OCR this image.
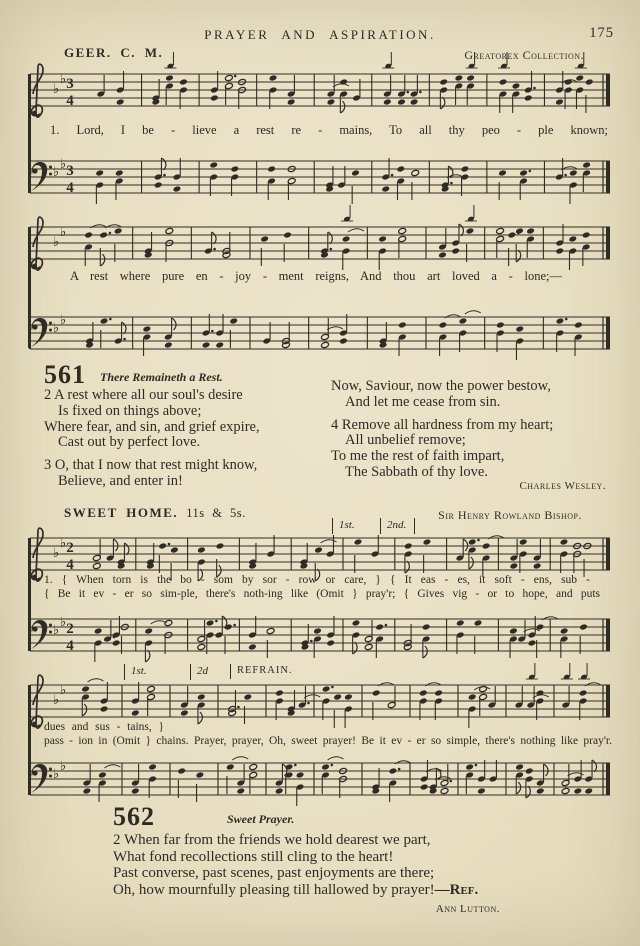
PRAYER AND ASPIRATION.	175
GEER. C. M.	Greatorex Collection.
♭
♭ 3
4
♭
♭ 3
4
♭
♭
♭
♭
♭
♭ 2
4
♭
♭ 2
4
♭
♭
♭
♭
1. Lord, I be - lieve a rest re - mains, To all thy peo - ple known;
A rest where pure en - joy - ment reigns, And thou art loved a - lone;—
561 There Remaineth a Rest.
2 A rest where all our soul's desire
Is fixed on things above;
Where fear, and sin, and grief expire,
Cast out by perfect love.
3 O, that I now that rest might know,
Believe, and enter in!
Now, Saviour, now the power bestow,
And let me cease from sin.
4 Remove all hardness from my heart;
All unbelief remove;
To me the rest of faith impart,
The Sabbath of thy love.
Charles Wesley.
SWEET HOME. 11s & 5s.	Sir Henry Rowland Bishop.
1st.	2nd.
1st.	2d	REFRAIN.
1. { When torn is the bo - som by sor - row or care, } { It eas - es, it soft - ens, sub -
{ Be it ev - er so sim-ple, there's noth-ing like (Omit } pray'r; { Gives vig - or to hope, and puts
dues and sus - tains, }
pass - ion in (Omit } chains. Prayer, prayer, Oh, sweet prayer! Be it ev - er so simple, there's nothing like pray'r.
562	Sweet Prayer.
2 When far from the friends we hold dearest we part,
What fond recollections still cling to the heart!
Past converse, past scenes, past enjoyments are there;
Oh, how mournfully pleasing till hallowed by prayer!—Ref.
Ann Lutton.
